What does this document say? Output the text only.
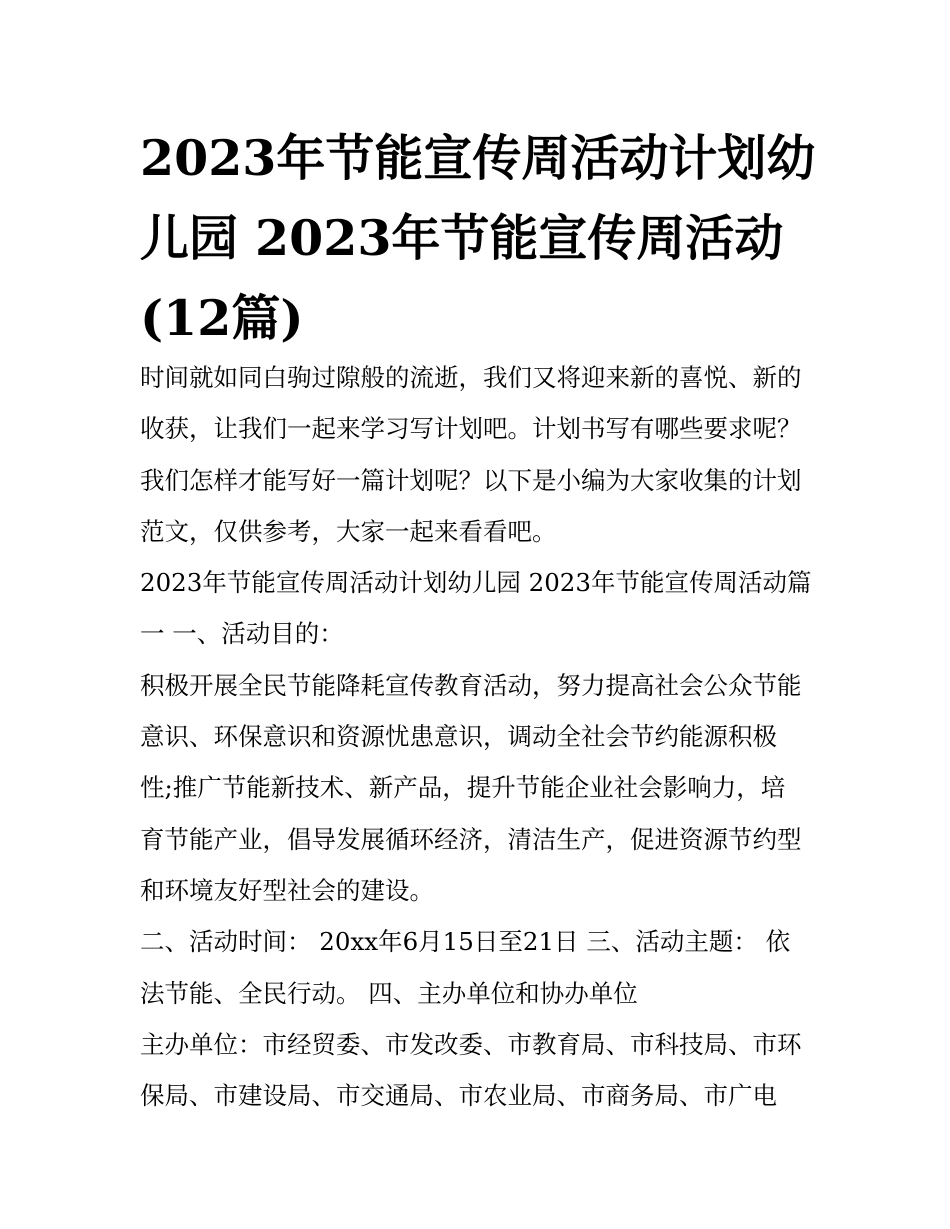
2023年节能宣传周活动计划幼
儿园 2023年节能宣传周活动
(12篇)
时间就如同白驹过隙般的流逝，我们又将迎来新的喜悦、新的
收获，让我们一起来学习写计划吧。计划书写有哪些要求呢？
我们怎样才能写好一篇计划呢？以下是小编为大家收集的计划
范文，仅供参考，大家一起来看看吧。
2023年节能宣传周活动计划幼儿园 2023年节能宣传周活动篇
一 一、活动目的：
积极开展全民节能降耗宣传教育活动，努力提高社会公众节能
意识、环保意识和资源忧患意识，调动全社会节约能源积极
性;推广节能新技术、新产品，提升节能企业社会影响力，培
育节能产业，倡导发展循环经济，清洁生产，促进资源节约型
和环境友好型社会的建设。
二、活动时间： 20xx年6月15日至21日 三、活动主题： 依
法节能、全民行动。 四、主办单位和协办单位
主办单位：市经贸委、市发改委、市教育局、市科技局、市环
保局、市建设局、市交通局、市农业局、市商务局、市广电
